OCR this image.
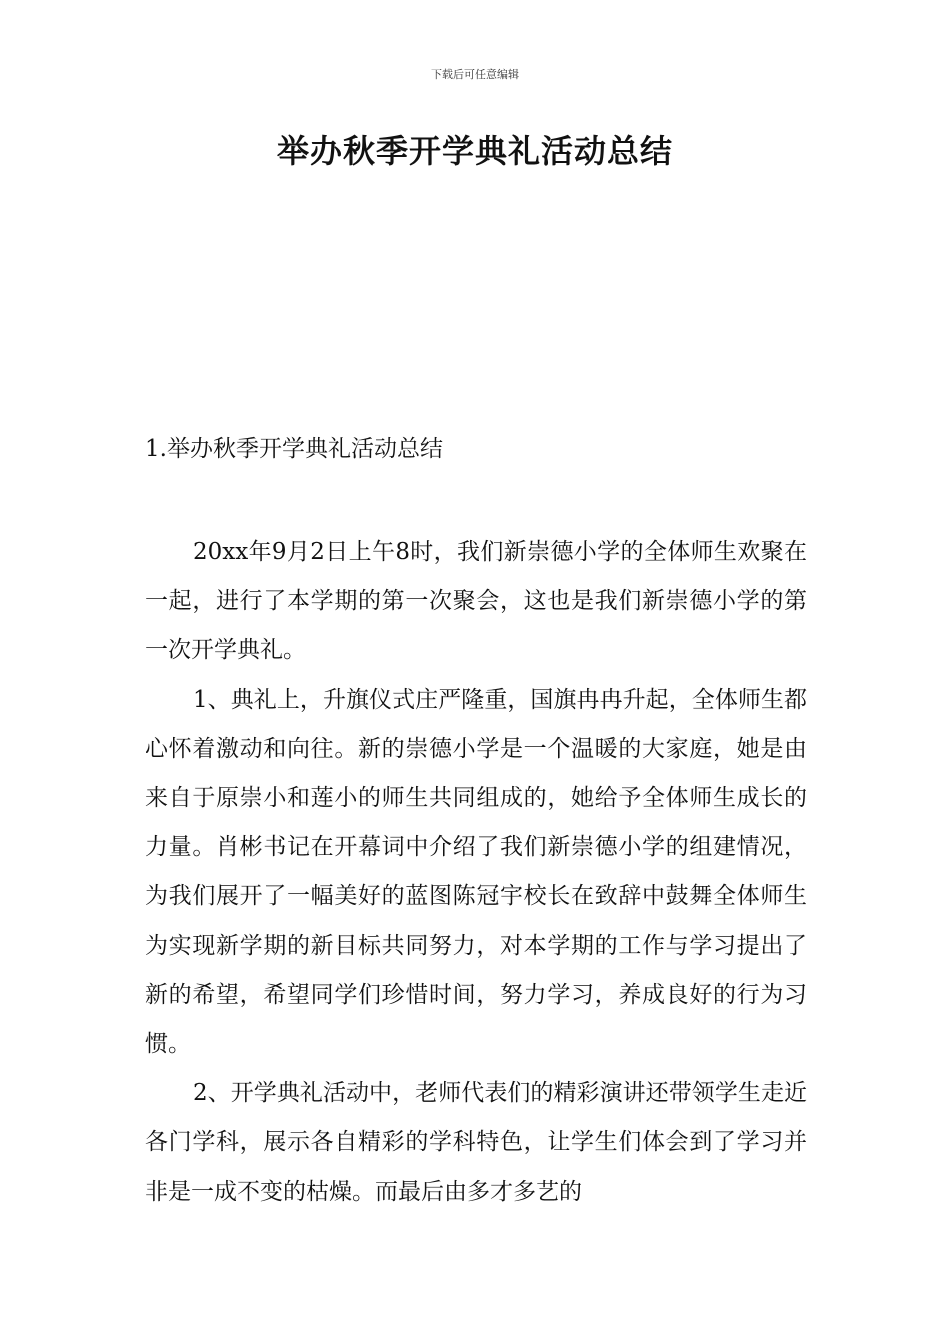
下载后可任意编辑
举办秋季开学典礼活动总结
1.举办秋季开学典礼活动总结

20xx年9月2日上午8时，我们新崇德小学的全体师生欢聚在一起，进行了本学期的第一次聚会，这也是我们新崇德小学的第一次开学典礼。

1、典礼上，升旗仪式庄严隆重，国旗冉冉升起，全体师生都心怀着激动和向往。新的崇德小学是一个温暖的大家庭，她是由来自于原崇小和莲小的师生共同组成的，她给予全体师生成长的力量。肖彬书记在开幕词中介绍了我们新崇德小学的组建情况，为我们展开了一幅美好的蓝图陈冠宇校长在致辞中鼓舞全体师生为实现新学期的新目标共同努力，对本学期的工作与学习提出了新的希望，希望同学们珍惜时间，努力学习，养成良好的行为习惯。

2、开学典礼活动中，老师代表们的精彩演讲还带领学生走近各门学科，展示各自精彩的学科特色，让学生们体会到了学习并非是一成不变的枯燥。而最后由多才多艺的
